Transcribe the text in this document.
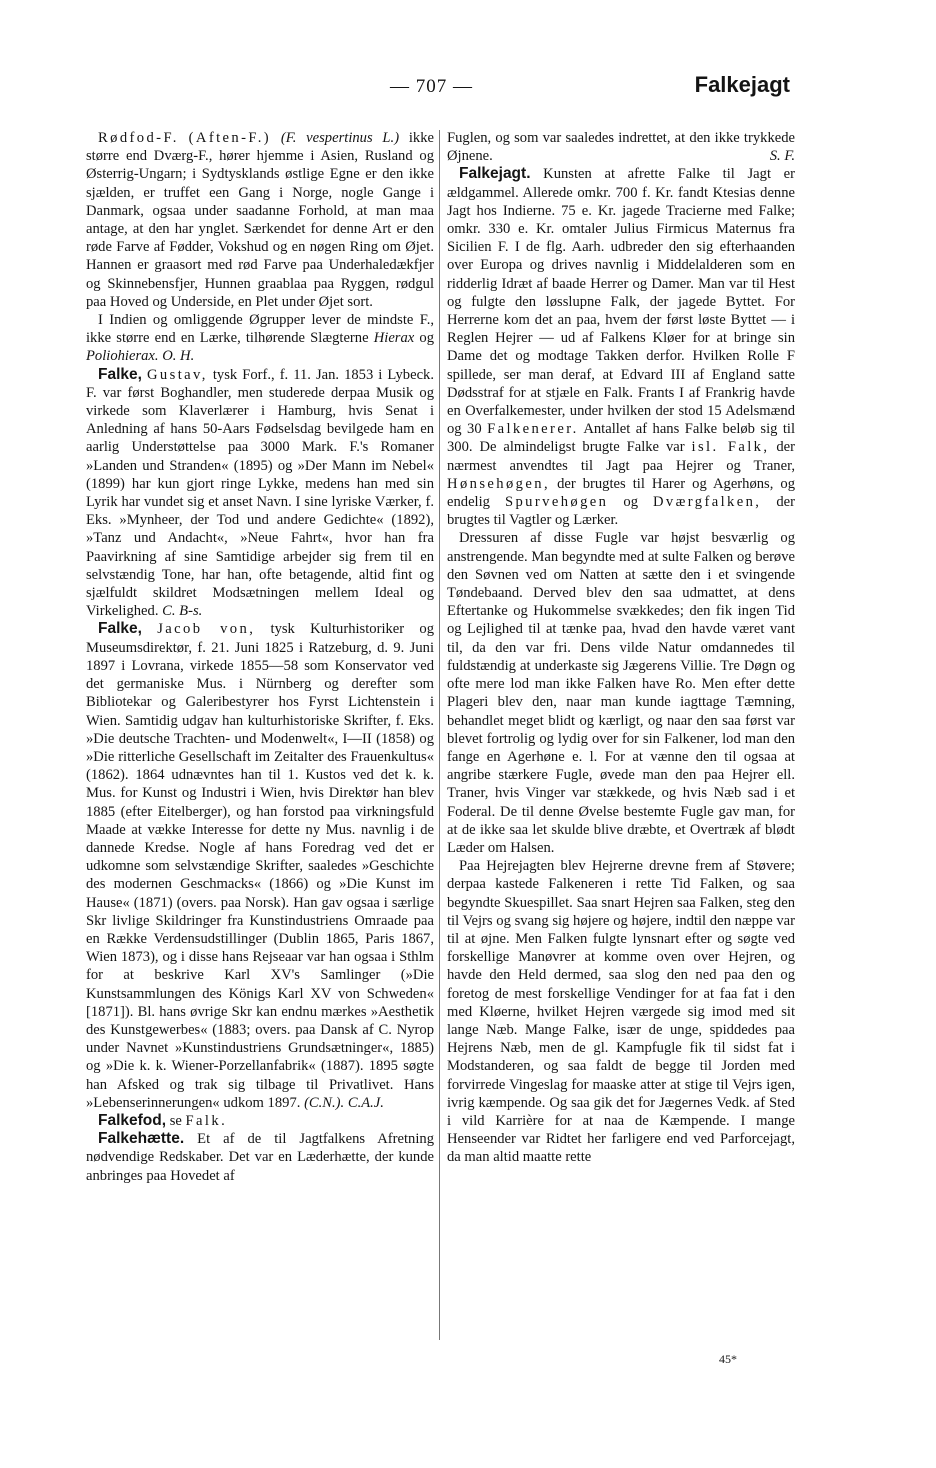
— 707 —	Falkejagt

Rødfod-F. (Aften-F.) (F. vespertinus L.) ikke større end Dværg-F., hører hjemme i Asien, Rusland og Østerrig-Ungarn; i Sydtysklands østlige Egne er den ikke sjælden, er truffet een Gang i Norge, nogle Gange i Danmark, ogsaa under saadanne Forhold, at man maa antage, at den har ynglet. Særkendet for denne Art er den røde Farve af Fødder, Vokshud og en nøgen Ring om Øjet. Hannen er graasort med rød Farve paa Underhaledækfjer og Skinnebensfjer, Hunnen graablaa paa Ryggen, rødgul paa Hoved og Underside, en Plet under Øjet sort.

I Indien og omliggende Øgrupper lever de mindste F., ikke større end en Lærke, tilhørende Slægterne Hierax og Poliohierax. O. H.

Falke, Gustav, tysk Forf., f. 11. Jan. 1853 i Lybeck. F. var først Boghandler, men studerede derpaa Musik og virkede som Klaverlærer i Hamburg, hvis Senat i Anledning af hans 50-Aars Fødselsdag bevilgede ham en aarlig Understøttelse paa 3000 Mark. F.'s Romaner »Landen und Stranden« (1895) og »Der Mann im Nebel« (1899) har kun gjort ringe Lykke, medens han med sin Lyrik har vundet sig et anset Navn. I sine lyriske Værker, f. Eks. »Mynheer, der Tod und andere Gedichte« (1892), »Tanz und Andacht«, »Neue Fahrt«, hvor han fra Paavirkning af sine Samtidige arbejder sig frem til en selvstændig Tone, har han, ofte betagende, altid fint og sjælfuldt skildret Modsætningen mellem Ideal og Virkelighed. C. B-s.

Falke, Jacob von, tysk Kulturhistoriker og Museumsdirektør, f. 21. Juni 1825 i Ratzeburg, d. 9. Juni 1897 i Lovrana, virkede 1855—58 som Konservator ved det germaniske Mus. i Nürnberg og derefter som Bibliotekar og Galeribestyrer hos Fyrst Lichtenstein i Wien. Samtidig udgav han kulturhistoriske Skrifter, f. Eks. »Die deutsche Trachten- und Modenwelt«, I—II (1858) og »Die ritterliche Gesellschaft im Zeitalter des Frauenkultus« (1862). 1864 udnævntes han til 1. Kustos ved det k. k. Mus. for Kunst og Industri i Wien, hvis Direktør han blev 1885 (efter Eitelberger), og han forstod paa virkningsfuld Maade at vække Interesse for dette ny Mus. navnlig i de dannede Kredse. Nogle af hans Foredrag ved det er udkomne som selvstændige Skrifter, saaledes »Geschichte des modernen Geschmacks« (1866) og »Die Kunst im Hause« (1871) (overs. paa Norsk). Han gav ogsaa i særlige Skr livlige Skildringer fra Kunstindustriens Omraade paa en Række Verdensudstillinger (Dublin 1865, Paris 1867, Wien 1873), og i disse hans Rejseaar var han ogsaa i Sthlm for at beskrive Karl XV's Samlinger (»Die Kunstsammlungen des Königs Karl XV von Schweden« [1871]). Bl. hans øvrige Skr kan endnu mærkes »Aesthetik des Kunstgewerbes« (1883; overs. paa Dansk af C. Nyrop under Navnet »Kunstindustriens Grundsætninger«, 1885) og »Die k. k. Wiener-Porzellanfabrik« (1887). 1895 søgte han Afsked og trak sig tilbage til Privatlivet. Hans »Lebenserinnerungen« udkom 1897. (C.N.). C.A.J.

Falkefod, se Falk.

Falkehætte. Et af de til Jagtfalkens Afretning nødvendige Redskaber. Det var en Læderhætte, der kunde anbringes paa Hovedet af

Fuglen, og som var saaledes indrettet, at den ikke trykkede Øjnene.	S. F.

Falkejagt. Kunsten at afrette Falke til Jagt er ældgammel. Allerede omkr. 700 f. Kr. fandt Ktesias denne Jagt hos Indierne. 75 e. Kr. jagede Tracierne med Falke; omkr. 330 e. Kr. omtaler Julius Firmicus Maternus fra Sicilien F. I de flg. Aarh. udbreder den sig efterhaanden over Europa og drives navnlig i Middelalderen som en ridderlig Idræt af baade Herrer og Damer. Man var til Hest og fulgte den løsslupne Falk, der jagede Byttet. For Herrerne kom det an paa, hvem der først løste Byttet — i Reglen Hejrer — ud af Falkens Kløer for at bringe sin Dame det og modtage Takken derfor. Hvilken Rolle F spillede, ser man deraf, at Edvard III af England satte Dødsstraf for at stjæle en Falk. Frants I af Frankrig havde en Overfalkemester, under hvilken der stod 15 Adelsmænd og 30 Falkenerer. Antallet af hans Falke beløb sig til 300. De almindeligst brugte Falke var isl. Falk, der nærmest anvendtes til Jagt paa Hejrer og Traner, Hønsehøgen, der brugtes til Harer og Agerhøns, og endelig Spurvehøgen og Dværgfalken, der brugtes til Vagtler og Lærker.

Dressuren af disse Fugle var højst besværlig og anstrengende. Man begyndte med at sulte Falken og berøve den Søvnen ved om Natten at sætte den i et svingende Tøndebaand. Derved blev den saa udmattet, at dens Eftertanke og Hukommelse svækkedes; den fik ingen Tid og Lejlighed til at tænke paa, hvad den havde været vant til, da den var fri. Dens vilde Natur omdannedes til fuldstændig at underkaste sig Jægerens Villie. Tre Døgn og ofte mere lod man ikke Falken have Ro. Men efter dette Plageri blev den, naar man kunde iagttage Tæmning, behandlet meget blidt og kærligt, og naar den saa først var blevet fortrolig og lydig over for sin Falkener, lod man den fange en Agerhøne e. l. For at vænne den til ogsaa at angribe stærkere Fugle, øvede man den paa Hejrer ell. Traner, hvis Vinger var stækkede, og hvis Næb sad i et Foderal. De til denne Øvelse bestemte Fugle gav man, for at de ikke saa let skulde blive dræbte, et Overtræk af blødt Læder om Halsen.

Paa Hejrejagten blev Hejrerne drevne frem af Støvere; derpaa kastede Falkeneren i rette Tid Falken, og saa begyndte Skuespillet. Saa snart Hejren saa Falken, steg den til Vejrs og svang sig højere og højere, indtil den næppe var til at øjne. Men Falken fulgte lynsnart efter og søgte ved forskellige Manøvrer at komme oven over Hejren, og havde den Held dermed, saa slog den ned paa den og foretog de mest forskellige Vendinger for at faa fat i den med Kløerne, hvilket Hejren værgede sig imod med sit lange Næb. Mange Falke, især de unge, spiddedes paa Hejrens Næb, men de gl. Kampfugle fik til sidst fat i Modstanderen, og saa faldt de begge til Jorden med forvirrede Vingeslag for maaske atter at stige til Vejrs igen, ivrig kæmpende. Og saa gik det for Jægernes Vedk. af Sted i vild Karrière for at naa de Kæmpende. I mange Henseender var Ridtet her farligere end ved Parforcejagt, da man altid maatte rette

45*
